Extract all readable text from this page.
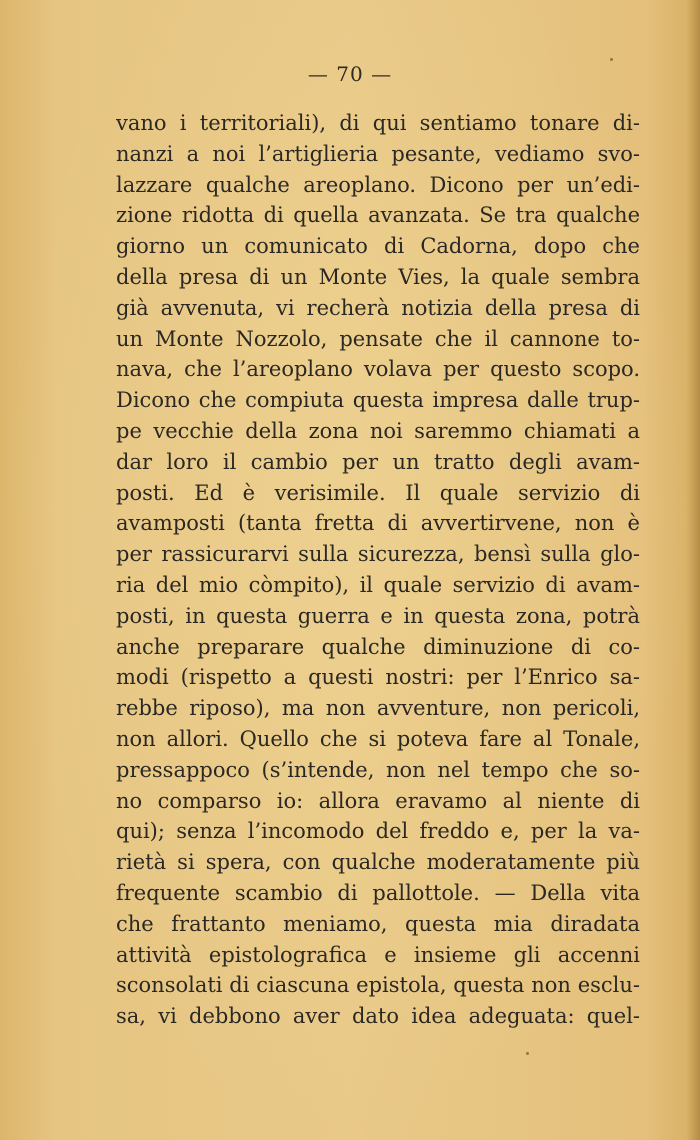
— 70 —
vano i territoriali), di qui sentiamo tonare di-
nanzi a noi l’artiglieria pesante, vediamo svo-
lazzare qualche areoplano. Dicono per un’edi-
zione ridotta di quella avanzata. Se tra qualche
giorno un comunicato di Cadorna, dopo che
della presa di un Monte Vies, la quale sembra
già avvenuta, vi recherà notizia della presa di
un Monte Nozzolo, pensate che il cannone to-
nava, che l’areoplano volava per questo scopo.
Dicono che compiuta questa impresa dalle trup-
pe vecchie della zona noi saremmo chiamati a
dar loro il cambio per un tratto degli avam-
posti. Ed è verisimile. Il quale servizio di
avamposti (tanta fretta di avvertirvene, non è
per rassicurarvi sulla sicurezza, bensì sulla glo-
ria del mio còmpito), il quale servizio di avam-
posti, in questa guerra e in questa zona, potrà
anche preparare qualche diminuzione di co-
modi (rispetto a questi nostri: per l’Enrico sa-
rebbe riposo), ma non avventure, non pericoli,
non allori. Quello che si poteva fare al Tonale,
pressappoco (s’intende, non nel tempo che so-
no comparso io: allora eravamo al niente di
qui); senza l’incomodo del freddo e, per la va-
rietà si spera, con qualche moderatamente più
frequente scambio di pallottole. — Della vita
che frattanto meniamo, questa mia diradata
attività epistolografica e insieme gli accenni
sconsolati di ciascuna epistola, questa non esclu-
sa, vi debbono aver dato idea adeguata: quel-
